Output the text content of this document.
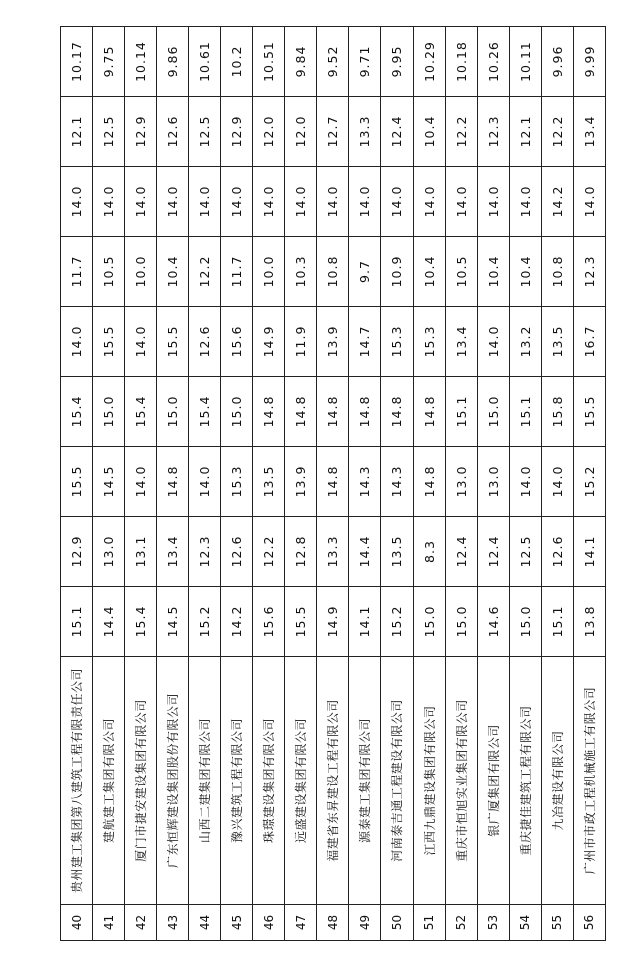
40	贵州建工集团第八建筑工程有限责任公司	15.1	12.9	15.5	15.4	14.0	11.7	14.0	12.1	10.17
41	建航建工集团有限公司	14.4	13.0	14.5	15.0	15.5	10.5	14.0	12.5	9.75
42	厦门市捷安建设集团有限公司	15.4	13.1	14.0	15.4	14.0	10.0	14.0	12.9	10.14
43	广东恒辉建设集团股份有限公司	14.5	13.4	14.8	15.0	15.5	10.4	14.0	12.6	9.86
44	山西二建集团有限公司	15.2	12.3	14.0	15.4	12.6	12.2	14.0	12.5	10.61
45	豫兴建筑工程有限公司	14.2	12.6	15.3	15.0	15.6	11.7	14.0	12.9	10.2
46	珠璟建设集团有限公司	15.6	12.2	13.5	14.8	14.9	10.0	14.0	12.0	10.51
47	远盛建设集团有限公司	15.5	12.8	13.9	14.8	11.9	10.3	14.0	12.0	9.84
48	福建省东昇建设工程有限公司	14.9	13.3	14.8	14.8	13.9	10.8	14.0	12.7	9.52
49	源泰建工集团有限公司	14.1	14.4	14.3	14.8	14.7	9.7	14.0	13.3	9.71
50	河南泰吉通工程建设有限公司	15.2	13.5	14.3	14.8	15.3	10.9	14.0	12.4	9.95
51	江西九鼎建设集团有限公司	15.0	8.3	14.8	14.8	15.3	10.4	14.0	10.4	10.29
52	重庆市恒旭实业集团有限公司	15.0	12.4	13.0	15.1	13.4	10.5	14.0	12.2	10.18
53	银广厦集团有限公司	14.6	12.4	13.0	15.0	14.0	10.4	14.0	12.3	10.26
54	重庆捷佳建筑工程有限公司	15.0	12.5	14.0	15.1	13.2	10.4	14.0	12.1	10.11
55	九冶建设有限公司	15.1	12.6	14.0	15.8	13.5	10.8	14.2	12.2	9.96
56	广州市市政工程机械施工有限公司	13.8	14.1	15.2	15.5	16.7	12.3	14.0	13.4	9.99
